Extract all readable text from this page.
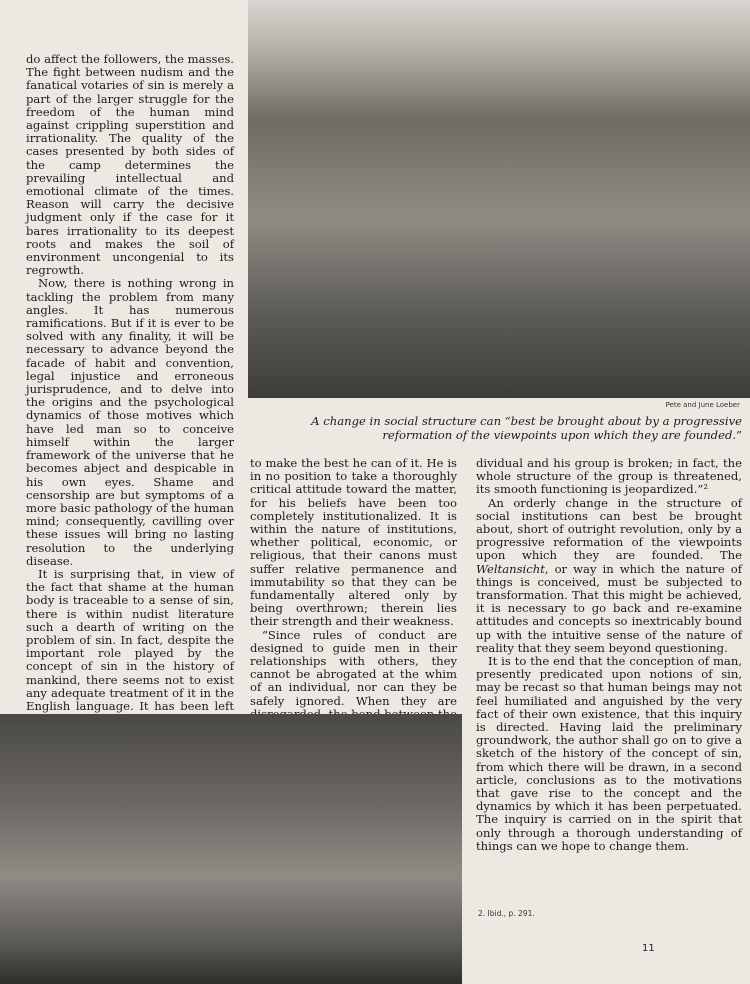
Pete and June Loeber
A change in social structure can “best be brought about by a progressive reformation of the viewpoints upon which they are founded.”

do affect the followers, the masses. The fight between nudism and the fanatical votaries of sin is merely a part of the larger struggle for the freedom of the human mind against crippling superstition and irrationality. The quality of the cases presented by both sides of the camp determines the prevailing intellectual and emotional climate of the times. Reason will carry the decisive judgment only if the case for it bares irrationality to its deepest roots and makes the soil of environment uncongenial to its regrowth.

Now, there is nothing wrong in tackling the problem from many angles. It has numerous ramifications. But if it is ever to be solved with any finality, it will be necessary to advance beyond the facade of habit and convention, legal injustice and erroneous jurisprudence, and to delve into the origins and the psychological dynamics of those motives which have led man so to conceive himself within the larger framework of the universe that he becomes abject and despicable in his own eyes. Shame and censorship are but symptoms of a more basic pathology of the human mind; consequently, cavilling over these issues will bring no lasting resolution to the underlying disease.

It is surprising that, in view of the fact that shame at the human body is traceable to a sense of sin, there is within nudist literature such a dearth of writing on the problem of sin. In fact, despite the important role played by the concept of sin in the history of mankind, there seems not to exist any adequate treatment of it in the English language. It has been left

to make the best he can of it. He is in no position to take a thoroughly critical attitude toward the matter, for his beliefs have been too completely institutionalized. It is within the nature of institutions, whether political, economic, or religious, that their canons must suffer relative permanence and immutability so that they can be fundamentally altered only by being overthrown; therein lies their strength and their weakness.

“Since rules of conduct are designed to guide men in their relationships with others, they cannot be abrogated at the whim of an individual, nor can they be safely ignored. When they are

dividual and his group is broken; in fact, the whole structure of the group is threatened, its smooth functioning is jeopardized.”²

An orderly change in the structure of social institutions can best be brought about, short of outright revolution, only by a progressive reformation of the viewpoints upon which they are founded. The Weltansicht, or way in which the nature of things is conceived, must be subjected to transformation. That this might be achieved, it is necessary to go back and re-examine attitudes and concepts so inextricably bound up with the intuitive sense of the nature of reality that they seem beyond questioning.

It is to the end that the conception of man, presently predicated upon notions of sin, may be recast so that human beings may not feel humiliated and anguished by the very fact of their own existence, that this inquiry is directed. Having laid the preliminary groundwork, the author shall go on to give a sketch of the history of the concept of sin, from which there will be drawn, in a second article, conclusions as to the motivations that gave rise to the concept and the dynamics by which it has been perpetuated. The inquiry is carried on in the spirit that only through a thorough understanding of things can we hope to change them.

2. Ibid., p. 291.
11
